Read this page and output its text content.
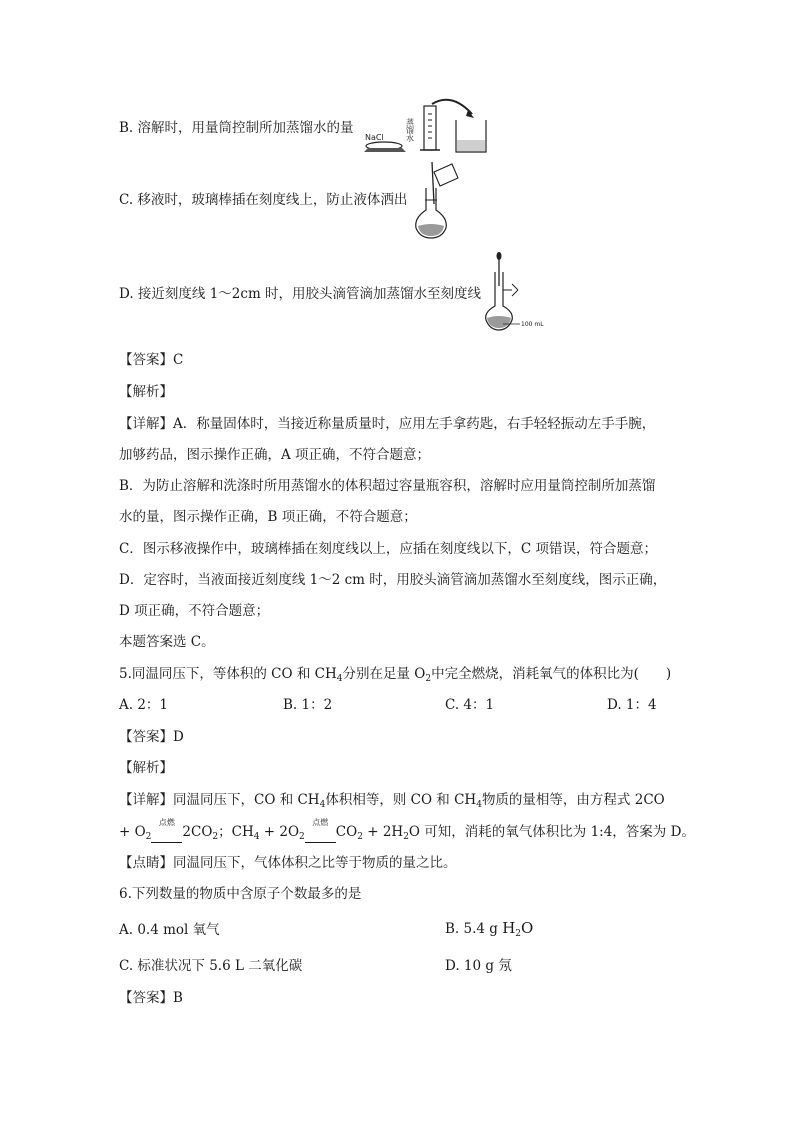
B. 溶解时，用量筒控制所加蒸馏水的量
NaCl	蒸馏水
C. 移液时，玻璃棒插在刻度线上，防止液体洒出
D. 接近刻度线 1～2cm 时，用胶头滴管滴加蒸馏水至刻度线
100 mL
【答案】C
【解析】
【详解】A．称量固体时，当接近称量质量时，应用左手拿药匙，右手轻轻振动左手手腕，
加够药品，图示操作正确，A 项正确，不符合题意；
B．为防止溶解和洗涤时所用蒸馏水的体积超过容量瓶容积，溶解时应用量筒控制所加蒸馏
水的量，图示操作正确，B 项正确，不符合题意；
C．图示移液操作中，玻璃棒插在刻度线以上，应插在刻度线以下，C 项错误，符合题意；
D．定容时，当液面接近刻度线 1～2 cm 时，用胶头滴管滴加蒸馏水至刻度线，图示正确，
D 项正确，不符合题意；
本题答案选 C。
5.同温同压下，等体积的 CO 和 $CH_4$分别在足量 $O_2$中完全燃烧，消耗氧气的体积比为(　　)
A. 2：1	B. 1：2	C. 4：1	D. 1：4
【答案】D
【解析】
【详解】同温同压下，CO 和 $CH_4$体积相等，则 CO 和 $CH_4$物质的量相等，由方程式 2CO
+ $O_2$
点燃
  $2CO_2$；$CH_4 + 2O_2$
点燃
  $CO_2 + 2H_2O$ 可知，消耗的氧气体积比为 1:4，答案为 D。
【点睛】同温同压下，气体体积之比等于物质的量之比。
6.下列数量的物质中含原子个数最多的是
A. 0.4 mol 氧气	B. 5.4 g $H_2O$
C. 标准状况下 5.6 L 二氧化碳	D. 10 g 氖
【答案】B
